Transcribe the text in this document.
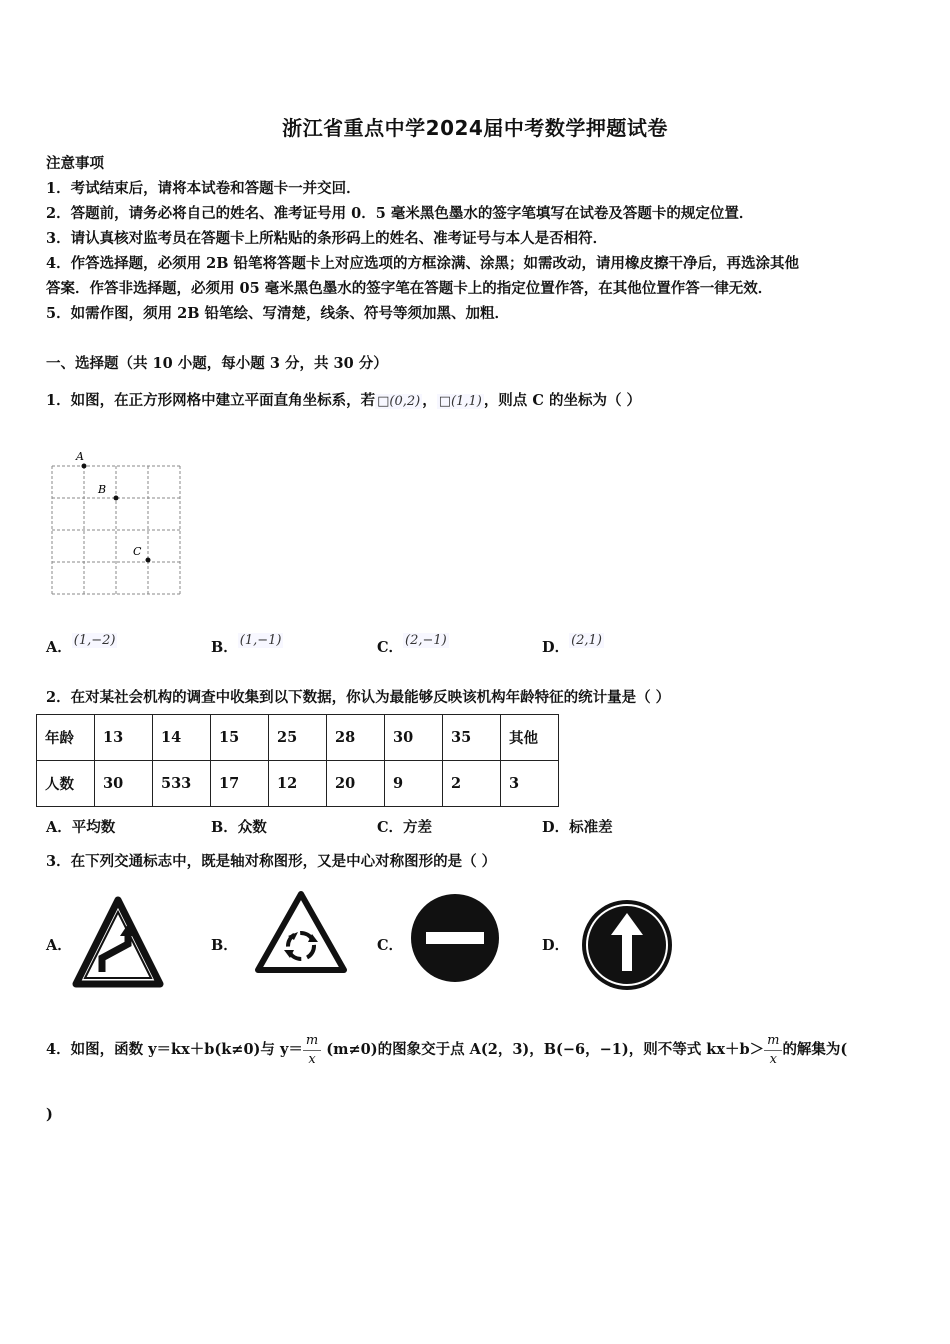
浙江省重点中学2024届中考数学押题试卷
注意事项
1．考试结束后，请将本试卷和答题卡一并交回．
2．答题前，请务必将自己的姓名、准考证号用 0．5 毫米黑色墨水的签字笔填写在试卷及答题卡的规定位置．
3．请认真核对监考员在答题卡上所粘贴的条形码上的姓名、准考证号与本人是否相符．
4．作答选择题，必须用 2B 铅笔将答题卡上对应选项的方框涂满、涂黑；如需改动，请用橡皮擦干净后，再选涂其他
答案．作答非选择题，必须用 05 毫米黑色墨水的签字笔在答题卡上的指定位置作答，在其他位置作答一律无效．
5．如需作图，须用 2B 铅笔绘、写清楚，线条、符号等须加黑、加粗．
一、选择题（共 10 小题，每小题 3 分，共 30 分）
1．如图，在正方形网格中建立平面直角坐标系，若 □(0,2) ， □(1,1) ，则点 C 的坐标为（ ）
A
B
C
A． (1,−2)	B． (1,−1)	C． (2,−1)	D． (2,1)
2．在对某社会机构的调查中收集到以下数据，你认为最能够反映该机构年龄特征的统计量是（ ）
年龄	13	14	15	25	28	30	35	其他
人数	30	533	17	12	20	9	2	3
A．平均数	B．众数	C．方差	D．标准差
3．在下列交通标志中，既是轴对称图形，又是中心对称图形的是（ ）
A．	B．	C．	D．
4．如图，函数 y＝kx＋b(k≠0)与 $y= \frac{m}{x} (m\ne 0)$的图象交于点 A(2，3)，B(−6，−1)，则不等式 $kx+b> \frac{m}{x}$ 的解集为(
)
